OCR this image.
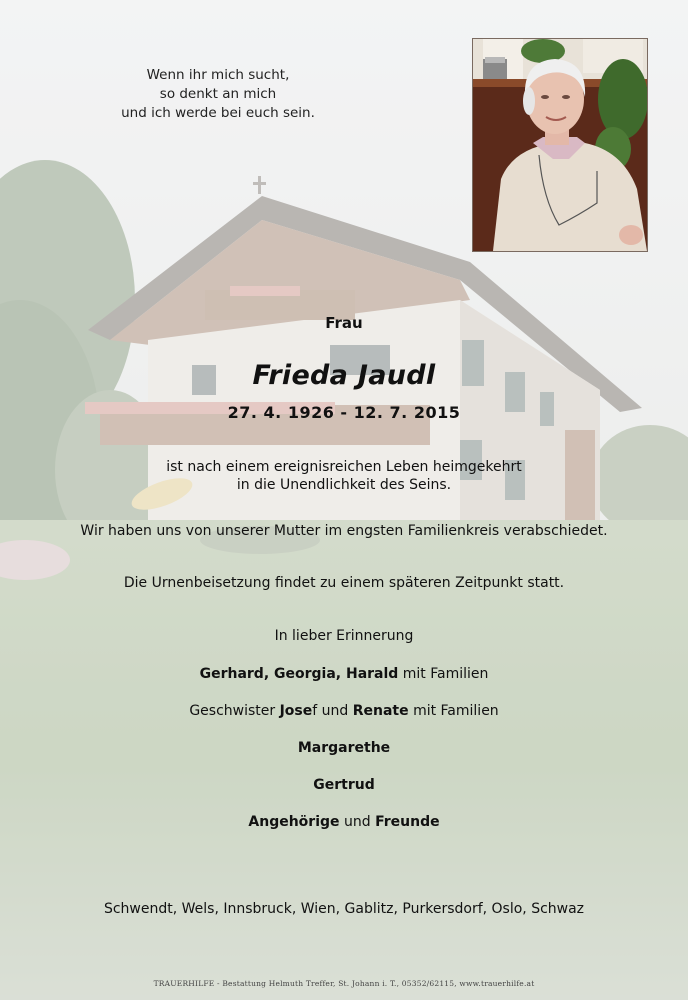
Wenn ihr mich sucht,
so denkt an mich
und ich werde bei euch sein.
Frau
Frieda Jaudl
27. 4. 1926 - 12. 7. 2015
ist nach einem ereignisreichen Leben heimgekehrt
in die Unendlichkeit des Seins.
Wir haben uns von unserer Mutter im engsten Familienkreis verabschiedet.
Die Urnenbeisetzung findet zu einem späteren Zeitpunkt statt.
In lieber Erinnerung
Gerhard, Georgia, Harald mit Familien
Geschwister Josef und Renate mit Familien
Margarethe
Gertrud
Angehörige und Freunde
Schwendt, Wels, Innsbruck, Wien, Gablitz, Purkersdorf, Oslo, Schwaz
TRAUERHILFE - Bestattung Helmuth Treffer, St. Johann i. T., 05352/62115, www.trauerhilfe.at
